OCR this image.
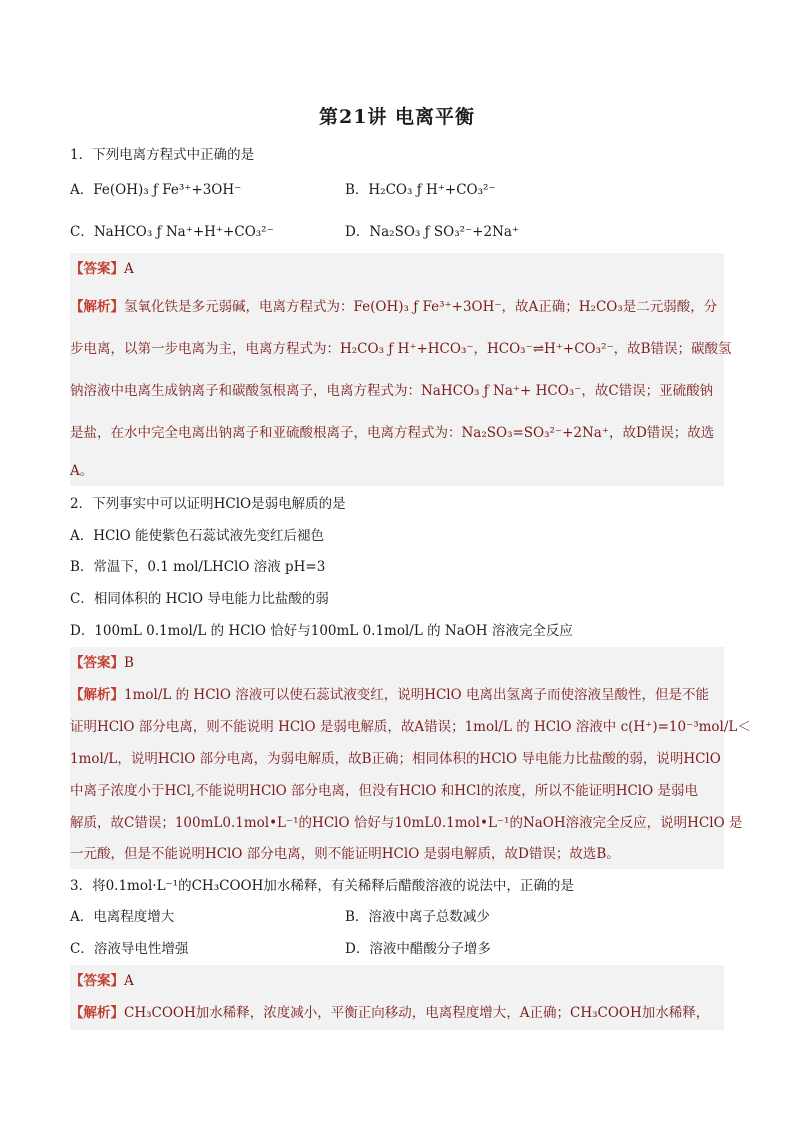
第21讲 电离平衡
1．下列电离方程式中正确的是
A．Fe(OH)₃ ƒ Fe³⁺+3OH⁻	B．H₂CO₃ ƒ H⁺+CO₃²⁻
C．NaHCO₃ ƒ Na⁺+H⁺+CO₃²⁻	D．Na₂SO₃ ƒ SO₃²⁻+2Na⁺
【答案】A
【解析】氢氧化铁是多元弱碱，电离方程式为：Fe(OH)₃ ƒ Fe³⁺+3OH⁻，故A正确；H₂CO₃是二元弱酸，分
步电离，以第一步电离为主，电离方程式为：H₂CO₃ ƒ H⁺+HCO₃⁻，HCO₃⁻⇌H⁺+CO₃²⁻，故B错误；碳酸氢
钠溶液中电离生成钠离子和碳酸氢根离子，电离方程式为：NaHCO₃ ƒ Na⁺+ HCO₃⁻，故C错误；亚硫酸钠
是盐，在水中完全电离出钠离子和亚硫酸根离子，电离方程式为：Na₂SO₃=SO₃²⁻+2Na⁺，故D错误；故选
A。
2．下列事实中可以证明HClO是弱电解质的是
A．HClO 能使紫色石蕊试液先变红后褪色
B．常温下，0.1 mol/LHClO 溶液 pH=3
C．相同体积的 HClO 导电能力比盐酸的弱
D．100mL 0.1mol/L 的 HClO 恰好与100mL 0.1mol/L 的 NaOH 溶液完全反应
【答案】B
【解析】1mol/L 的 HClO 溶液可以使石蕊试液变红，说明HClO 电离出氢离子而使溶液呈酸性，但是不能
证明HClO 部分电离，则不能说明 HClO 是弱电解质，故A错误；1mol/L 的 HClO 溶液中 c(H⁺)=10⁻³mol/L＜
1mol/L，说明HClO 部分电离，为弱电解质，故B正确；相同体积的HClO 导电能力比盐酸的弱，说明HClO
中离子浓度小于HCl,不能说明HClO 部分电离，但没有HClO 和HCl的浓度，所以不能证明HClO 是弱电
解质，故C错误；100mL0.1mol•L⁻¹的HClO 恰好与10mL0.1mol•L⁻¹的NaOH溶液完全反应，说明HClO 是
一元酸，但是不能说明HClO 部分电离，则不能证明HClO 是弱电解质，故D错误；故选B。
3．将0.1mol·L⁻¹的CH₃COOH加水稀释，有关稀释后醋酸溶液的说法中，正确的是
A．电离程度增大	B．溶液中离子总数减少
C．溶液导电性增强	D．溶液中醋酸分子增多
【答案】A
【解析】CH₃COOH加水稀释，浓度减小，平衡正向移动，电离程度增大，A正确；CH₃COOH加水稀释，
